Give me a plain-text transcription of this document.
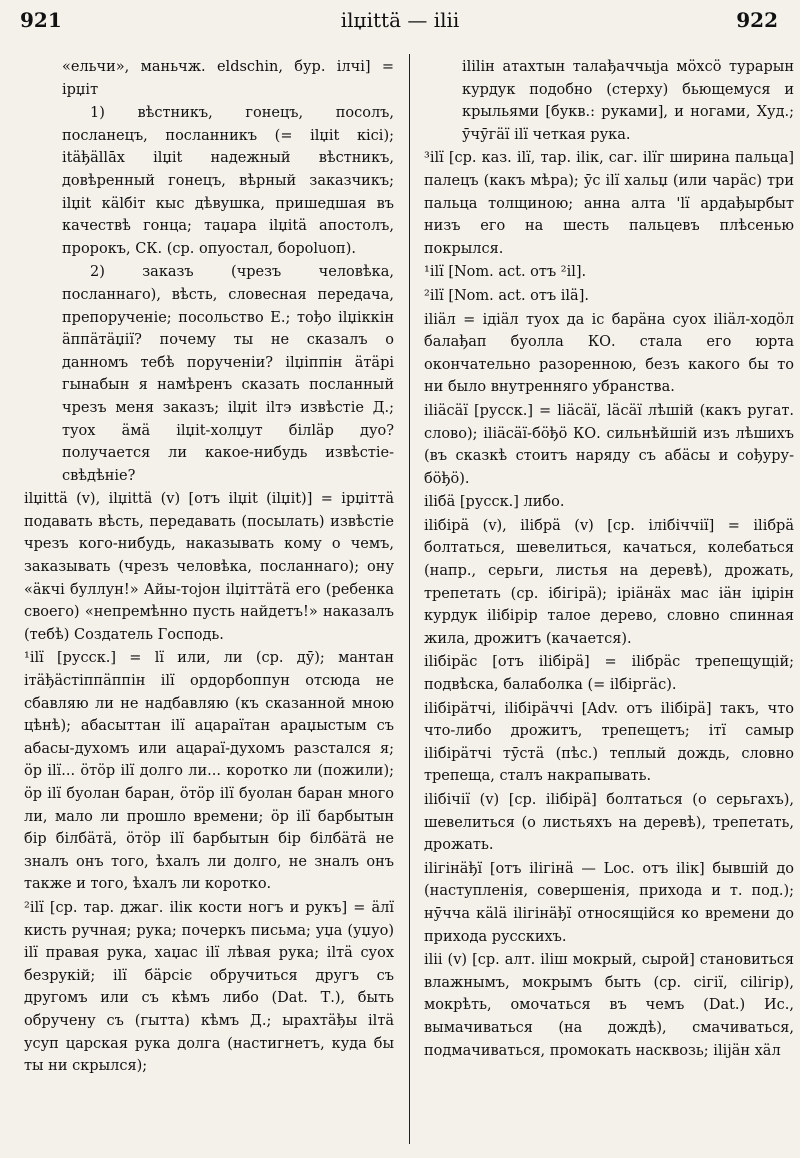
921	ilџittä — ilii	922

«ельчи», маньчж. eldschin, бур. ілчі] = ірџіт

1) вѣстникъ, гонецъ, посолъ, посланецъ, посланникъ (= ilџit кісі); itäђällāх ilџit надежный вѣстникъ, довѣренный гонецъ, вѣрный заказчикъ; ilџit кälбіт кыс дѣвушка, пришедшая въ качествѣ гонца; таџара ilџitä апостолъ, пророкъ, СК. (ср. опуостал, бороluoп).

2) заказъ (чрезъ человѣка, посланнаго), вѣсть, словесная передача, препорученіе; посольство Е.; тођо ilџіккін äппäтäџiї? почему ты не сказалъ о данномъ тебѣ порученіи? ilџіппін äтäрі гынабын я намѣренъ сказать посланный чрезъ меня заказъ; ilџit ilтэ извѣстіе Д.; туох äмä ilџit-холџут бiлläр дуо? получается ли какое-нибудь извѣстіе-свѣдѣніе?

ilџittä (v), ilџittä (v) [отъ ilџit (ilџit)] = ірџіттä подавать вѣсть, передавать (посылать) извѣстіе чрезъ кого-нибудь, наказывать кому о чемъ, заказывать (чрезъ человѣка, посланнаго); ону «äкчі буллун!» Айы-тојон ilџіттäтä его (ребенка своего) «непремѣнно пусть найдетъ!» наказалъ (тебѣ) Создатель Господь.

¹ilї [русск.] = lї или, ли (ср. дӯ); мантан ітäђäстiппäппін ilї ордорбоппун отсюда не сбавляю ли не надбавляю (къ сказанной мною цѣнѣ); абасыттан ilї ацараïтан араџыстым съ абасы-духомъ или ацараї-духомъ разстался я; öр ilї... öтöр ilї долго ли... коротко ли (пожили); öр ilї буолан баран, öтöр ilї буолан баран много ли, мало ли прошло времени; öр ilї барбытын бір білбäтä, öтöр ilї барбытын бір білбäтä не зналъ онъ того, ѣхалъ ли долго, не зналъ онъ также и того, ѣхалъ ли коротко.

²ilї [ср. тар. джаг. ilік кости ногъ и рукъ] = äлї кисть ручная; рука; почеркъ письма; уџа (уџуо) ilї правая рука, хаџас ilї лѣвая рука; ilтä суох безрукій; ilї бäрсіє обручиться другъ съ другомъ или съ кѣмъ либо (Dat. Т.), быть обручену съ (гытта) кѣмъ Д.; ырахтäђы ilтä усуп царская рука долга (настигнетъ, куда бы ты ни скрылся);

ililін атахтын талађаччыја мöхсö турарын курдук подобно (стерху) бьющемуся и крыльями [букв.: руками], и ногами, Худ.; ӯчӯгäї ilї четкая рука.

³ilї [ср. каз. ilї, тар. ilік, саг. ilїг ширина пальца] палецъ (какъ мѣра); ӯс ilї хальџ (или чарäс) три пальца толщиною; анна алта 'lї ардађырбыт низъ его на шесть пальцевъ плѣсенью покрылся.

¹ilї [Nom. act. отъ ²il].

²ilї [Nom. act. отъ ilä].

iliäл = ідіäл туох да іс барäна суох iliäл-ходöл балађап буолла КО. стала его юрта окончательно разоренною, безъ какого бы то ни было внутренняго убранства.

iliäсäї [русск.] = liäсäї, läсäї лѣшій (какъ ругат. слово); iliäсäї-бöђö КО. сильнѣйшій изъ лѣшихъ (въ сказкѣ стоитъ наряду съ абäсы и сођуру-бöђö).

iliбä [русск.] либо.

iliбірä (v), ilібрä (v) [ср. ілібіччії] = ilібрä болтаться, шевелиться, качаться, колебаться (напр., серьги, листья на деревѣ), дрожать, трепетать (ср. ібігірä); ірiäнäх мас iäн iџірін курдук ilібірір талое дерево, словно спинная жила, дрожитъ (качается).

iliбірäс [отъ ilібірä] = ilібрäс трепещущій; подвѣска, балаболка (= ilбіргäс).

iliбірäтчі, ilібірäччі [Adv. отъ ilібірä] такъ, что что-либо дрожитъ, трепещетъ; ітї самыр ilібірäтчі тӯстä (пѣс.) теплый дождь, словно трепеща, сталъ накрапывать.

iliбічії (v) [ср. ilібірä] болтаться (о серьгахъ), шевелиться (о листьяхъ на деревѣ), трепетать, дрожать.

iliгiнäђї [отъ iliгiнä — Loc. отъ ilік] бывшій до (наступленія, совершенія, прихода и т. под.); нӯчча кälä iliгiнäђї относящійся ко времени до прихода русскихъ.

ilii (v) [ср. алт. iliш мокрый, сырой] становиться влажнымъ, мокрымъ быть (ср. сігії, сiliгір), мокрѣть, омочаться въ чемъ (Dat.) Ис., вымачиваться (на дождѣ), смачиваться, подмачиваться, промокать насквозь; iliјäн хäл
